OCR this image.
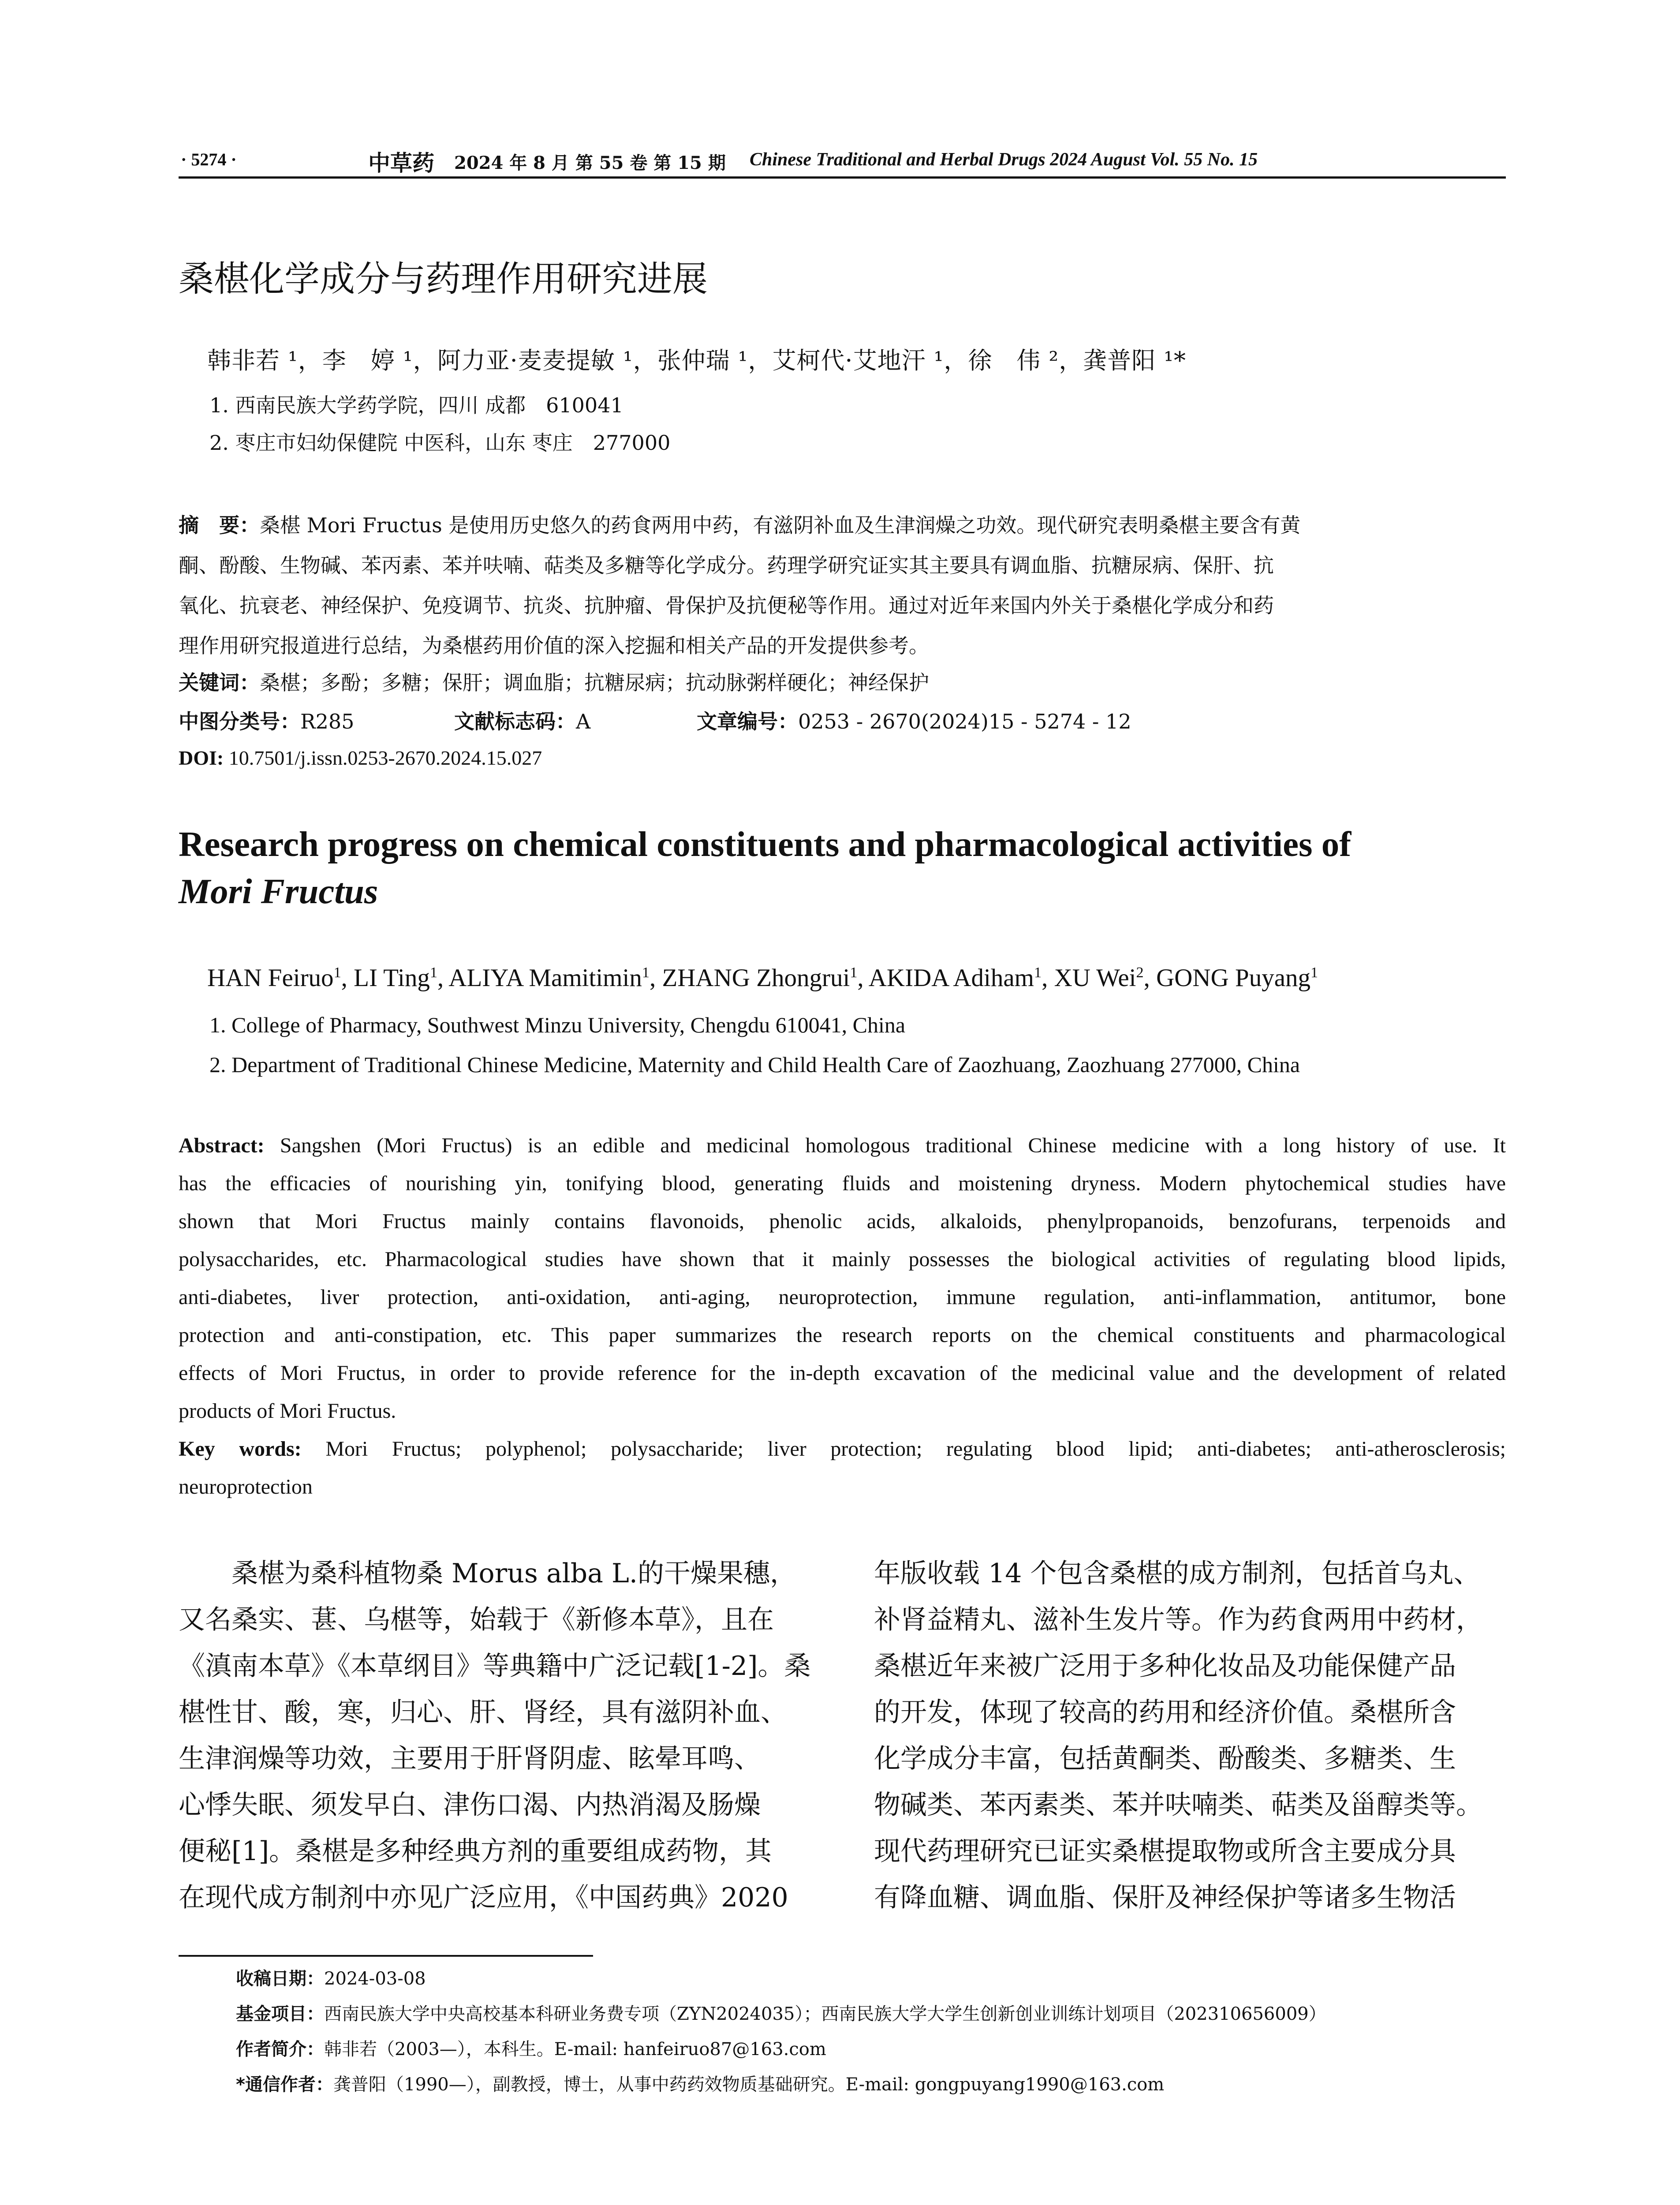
· 5274 ·	中草药 2024 年 8 月 第 55 卷 第 15 期 Chinese Traditional and Herbal Drugs 2024 August Vol. 55 No. 15
桑椹化学成分与药理作用研究进展
韩非若 ¹，李　婷 ¹，阿力亚·麦麦提敏 ¹，张仲瑞 ¹，艾柯代·艾地汗 ¹，徐　伟 ²，龚普阳 ¹*
1. 西南民族大学药学院，四川 成都　610041
2. 枣庄市妇幼保健院 中医科，山东 枣庄　277000
摘　要：桑椹 Mori Fructus 是使用历史悠久的药食两用中药，有滋阴补血及生津润燥之功效。现代研究表明桑椹主要含有黄
酮、酚酸、生物碱、苯丙素、苯并呋喃、萜类及多糖等化学成分。药理学研究证实其主要具有调血脂、抗糖尿病、保肝、抗
氧化、抗衰老、神经保护、免疫调节、抗炎、抗肿瘤、骨保护及抗便秘等作用。通过对近年来国内外关于桑椹化学成分和药
理作用研究报道进行总结，为桑椹药用价值的深入挖掘和相关产品的开发提供参考。
关键词：桑椹；多酚；多糖；保肝；调血脂；抗糖尿病；抗动脉粥样硬化；神经保护
中图分类号：R285	文献标志码：A	文章编号：0253 - 2670(2024)15 - 5274 - 12
DOI: 10.7501/j.issn.0253-2670.2024.15.027
Research progress on chemical constituents and pharmacological activities of
Mori Fructus
HAN Feiruo$^1$, LI Ting$^1$, ALIYA Mamitimin$^1$, ZHANG Zhongrui$^1$, AKIDA Adiham$^1$, XU Wei$^2$, GONG Puyang$^1$
1. College of Pharmacy, Southwest Minzu University, Chengdu 610041, China
2. Department of Traditional Chinese Medicine, Maternity and Child Health Care of Zaozhuang, Zaozhuang 277000, China
Abstract: Sangshen (Mori Fructus) is an edible and medicinal homologous traditional Chinese medicine with a long history of use. It
has the efficacies of nourishing yin, tonifying blood, generating fluids and moistening dryness. Modern phytochemical studies have
shown that Mori Fructus mainly contains flavonoids, phenolic acids, alkaloids, phenylpropanoids, benzofurans, terpenoids and
polysaccharides, etc. Pharmacological studies have shown that it mainly possesses the biological activities of regulating blood lipids,
anti-diabetes, liver protection, anti-oxidation, anti-aging, neuroprotection, immune regulation, anti-inflammation, antitumor, bone
protection and anti-constipation, etc. This paper summarizes the research reports on the chemical constituents and pharmacological
effects of Mori Fructus, in order to provide reference for the in-depth excavation of the medicinal value and the development of related
products of Mori Fructus.
Key words: Mori Fructus; polyphenol; polysaccharide; liver protection; regulating blood lipid; anti-diabetes; anti-atherosclerosis;
neuroprotection
　　桑椹为桑科植物桑 Morus alba L.的干燥果穗，
又名桑实、葚、乌椹等，始载于《新修本草》，且在
《滇南本草》《本草纲目》等典籍中广泛记载[1-2]。桑
椹性甘、酸，寒，归心、肝、肾经，具有滋阴补血、
生津润燥等功效，主要用于肝肾阴虚、眩晕耳鸣、
心悸失眠、须发早白、津伤口渴、内热消渴及肠燥
便秘[1]。桑椹是多种经典方剂的重要组成药物，其
在现代成方制剂中亦见广泛应用，《中国药典》2020
年版收载 14 个包含桑椹的成方制剂，包括首乌丸、
补肾益精丸、滋补生发片等。作为药食两用中药材，
桑椹近年来被广泛用于多种化妆品及功能保健产品
的开发，体现了较高的药用和经济价值。桑椹所含
化学成分丰富，包括黄酮类、酚酸类、多糖类、生
物碱类、苯丙素类、苯并呋喃类、萜类及甾醇类等。
现代药理研究已证实桑椹提取物或所含主要成分具
有降血糖、调血脂、保肝及神经保护等诸多生物活
收稿日期：2024-03-08
基金项目：西南民族大学中央高校基本科研业务费专项（ZYN2024035）；西南民族大学大学生创新创业训练计划项目（202310656009）
作者简介：韩非若（2003—），本科生。E-mail: hanfeiruo87@163.com
*通信作者：龚普阳（1990—），副教授，博士，从事中药药效物质基础研究。E-mail: gongpuyang1990@163.com
